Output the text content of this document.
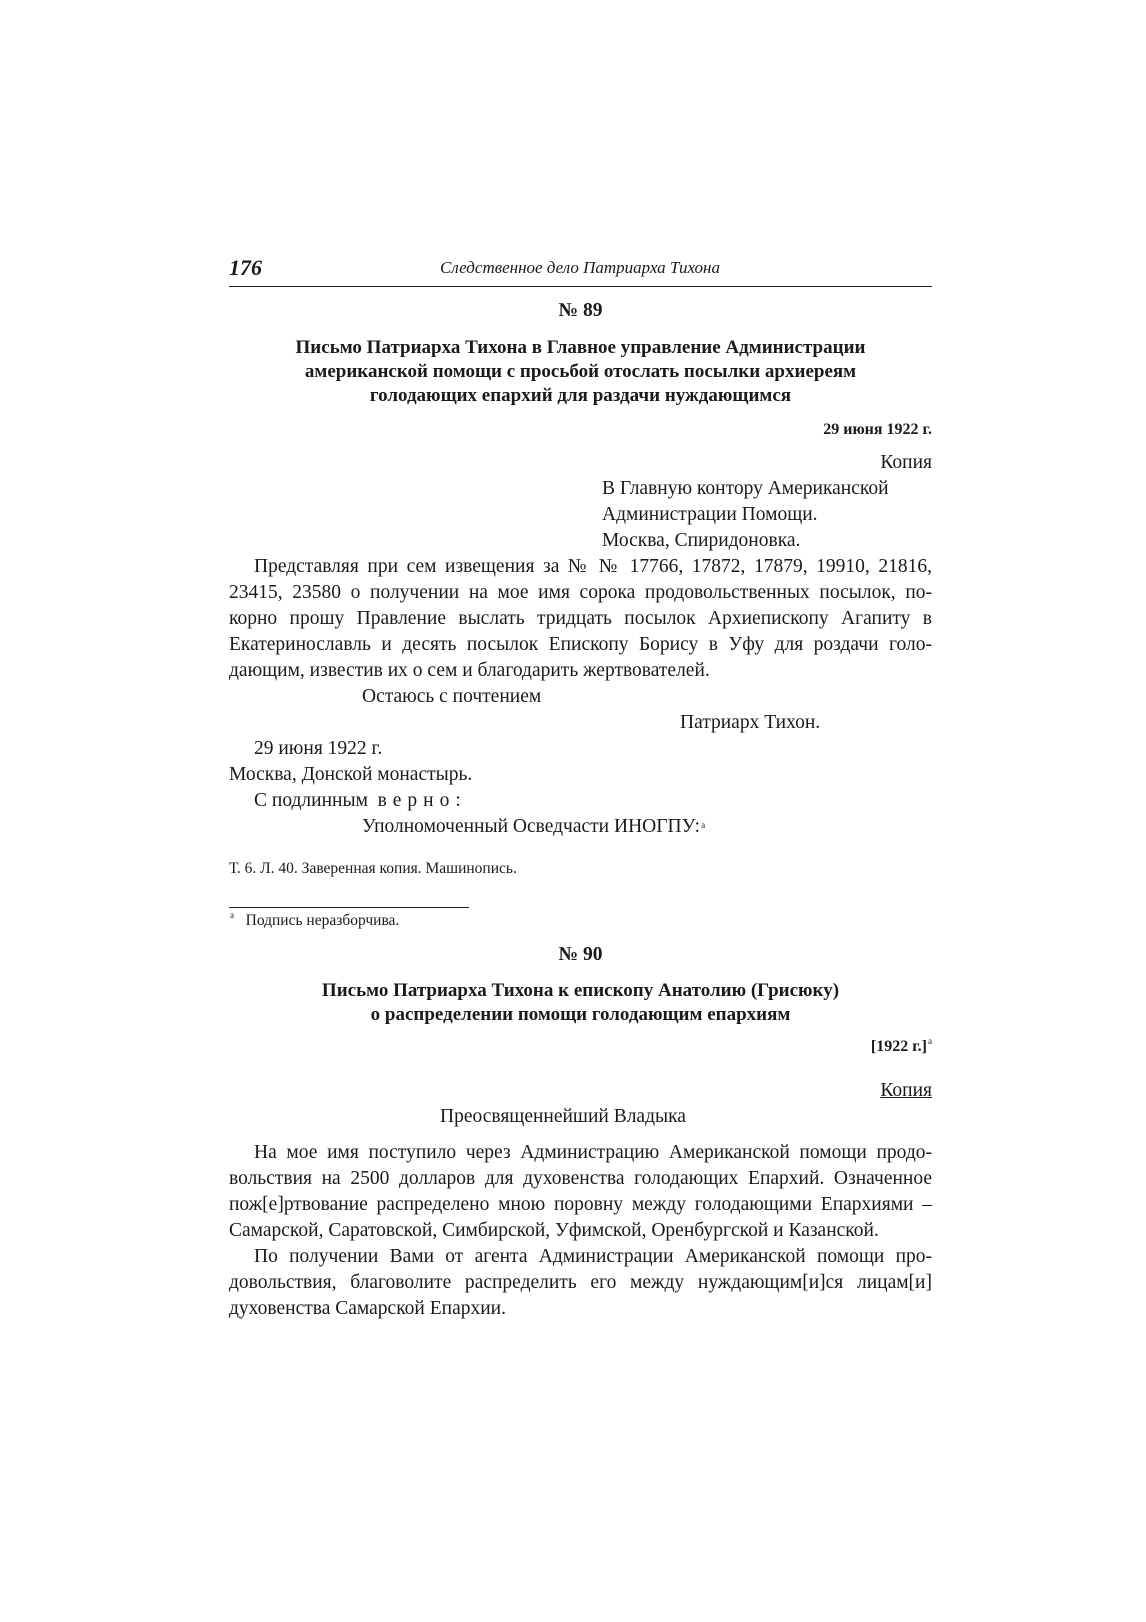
176	Следственное дело Патриарха Тихона
№ 89
Письмо Патриарха Тихона в Главное управление Администрации
американской помощи с просьбой отослать посылки архиереям
голодающих епархий для раздачи нуждающимся
29 июня 1922 г.
Копия
В Главную контору Американской
Администрации Помощи.
Москва, Спиридоновка.
Представляя при сем извещения за № № 17766, 17872, 17879, 19910, 21816,
23415, 23580 о получении на мое имя сорока продовольственных посылок, по-
корно прошу Правление выслать тридцать посылок Архиепископу Агапиту в
Екатеринославль и десять посылок Епископу Борису в Уфу для роздачи голо-
дающим, известив их о сем и благодарить жертвователей.
Остаюсь с почтением
Патриарх Тихон.
29 июня 1922 г.
Москва, Донской монастырь.
С подлинным верно:
Уполномоченный Осведчасти ИНОГПУ:$^а$
Т. 6. Л. 40. Заверенная копия. Машинопись.
$^а$ Подпись неразборчива.
№ 90
Письмо Патриарха Тихона к епископу Анатолию (Грисюку)
о распределении помощи голодающим епархиям
[1922 г.]$^а$
Копия
Преосвященнейший Владыка
На мое имя поступило через Администрацию Американской помощи продо-
вольствия на 2500 долларов для духовенства голодающих Епархий. Означенное
пож[е]ртвование распределено мною поровну между голодающими Епархиями –
Самарской, Саратовской, Симбирской, Уфимской, Оренбургской и Казанской.
По получении Вами от агента Администрации Американской помощи про-
довольствия, благоволите распределить его между нуждающим[и]ся лицам[и]
духовенства Самарской Епархии.
